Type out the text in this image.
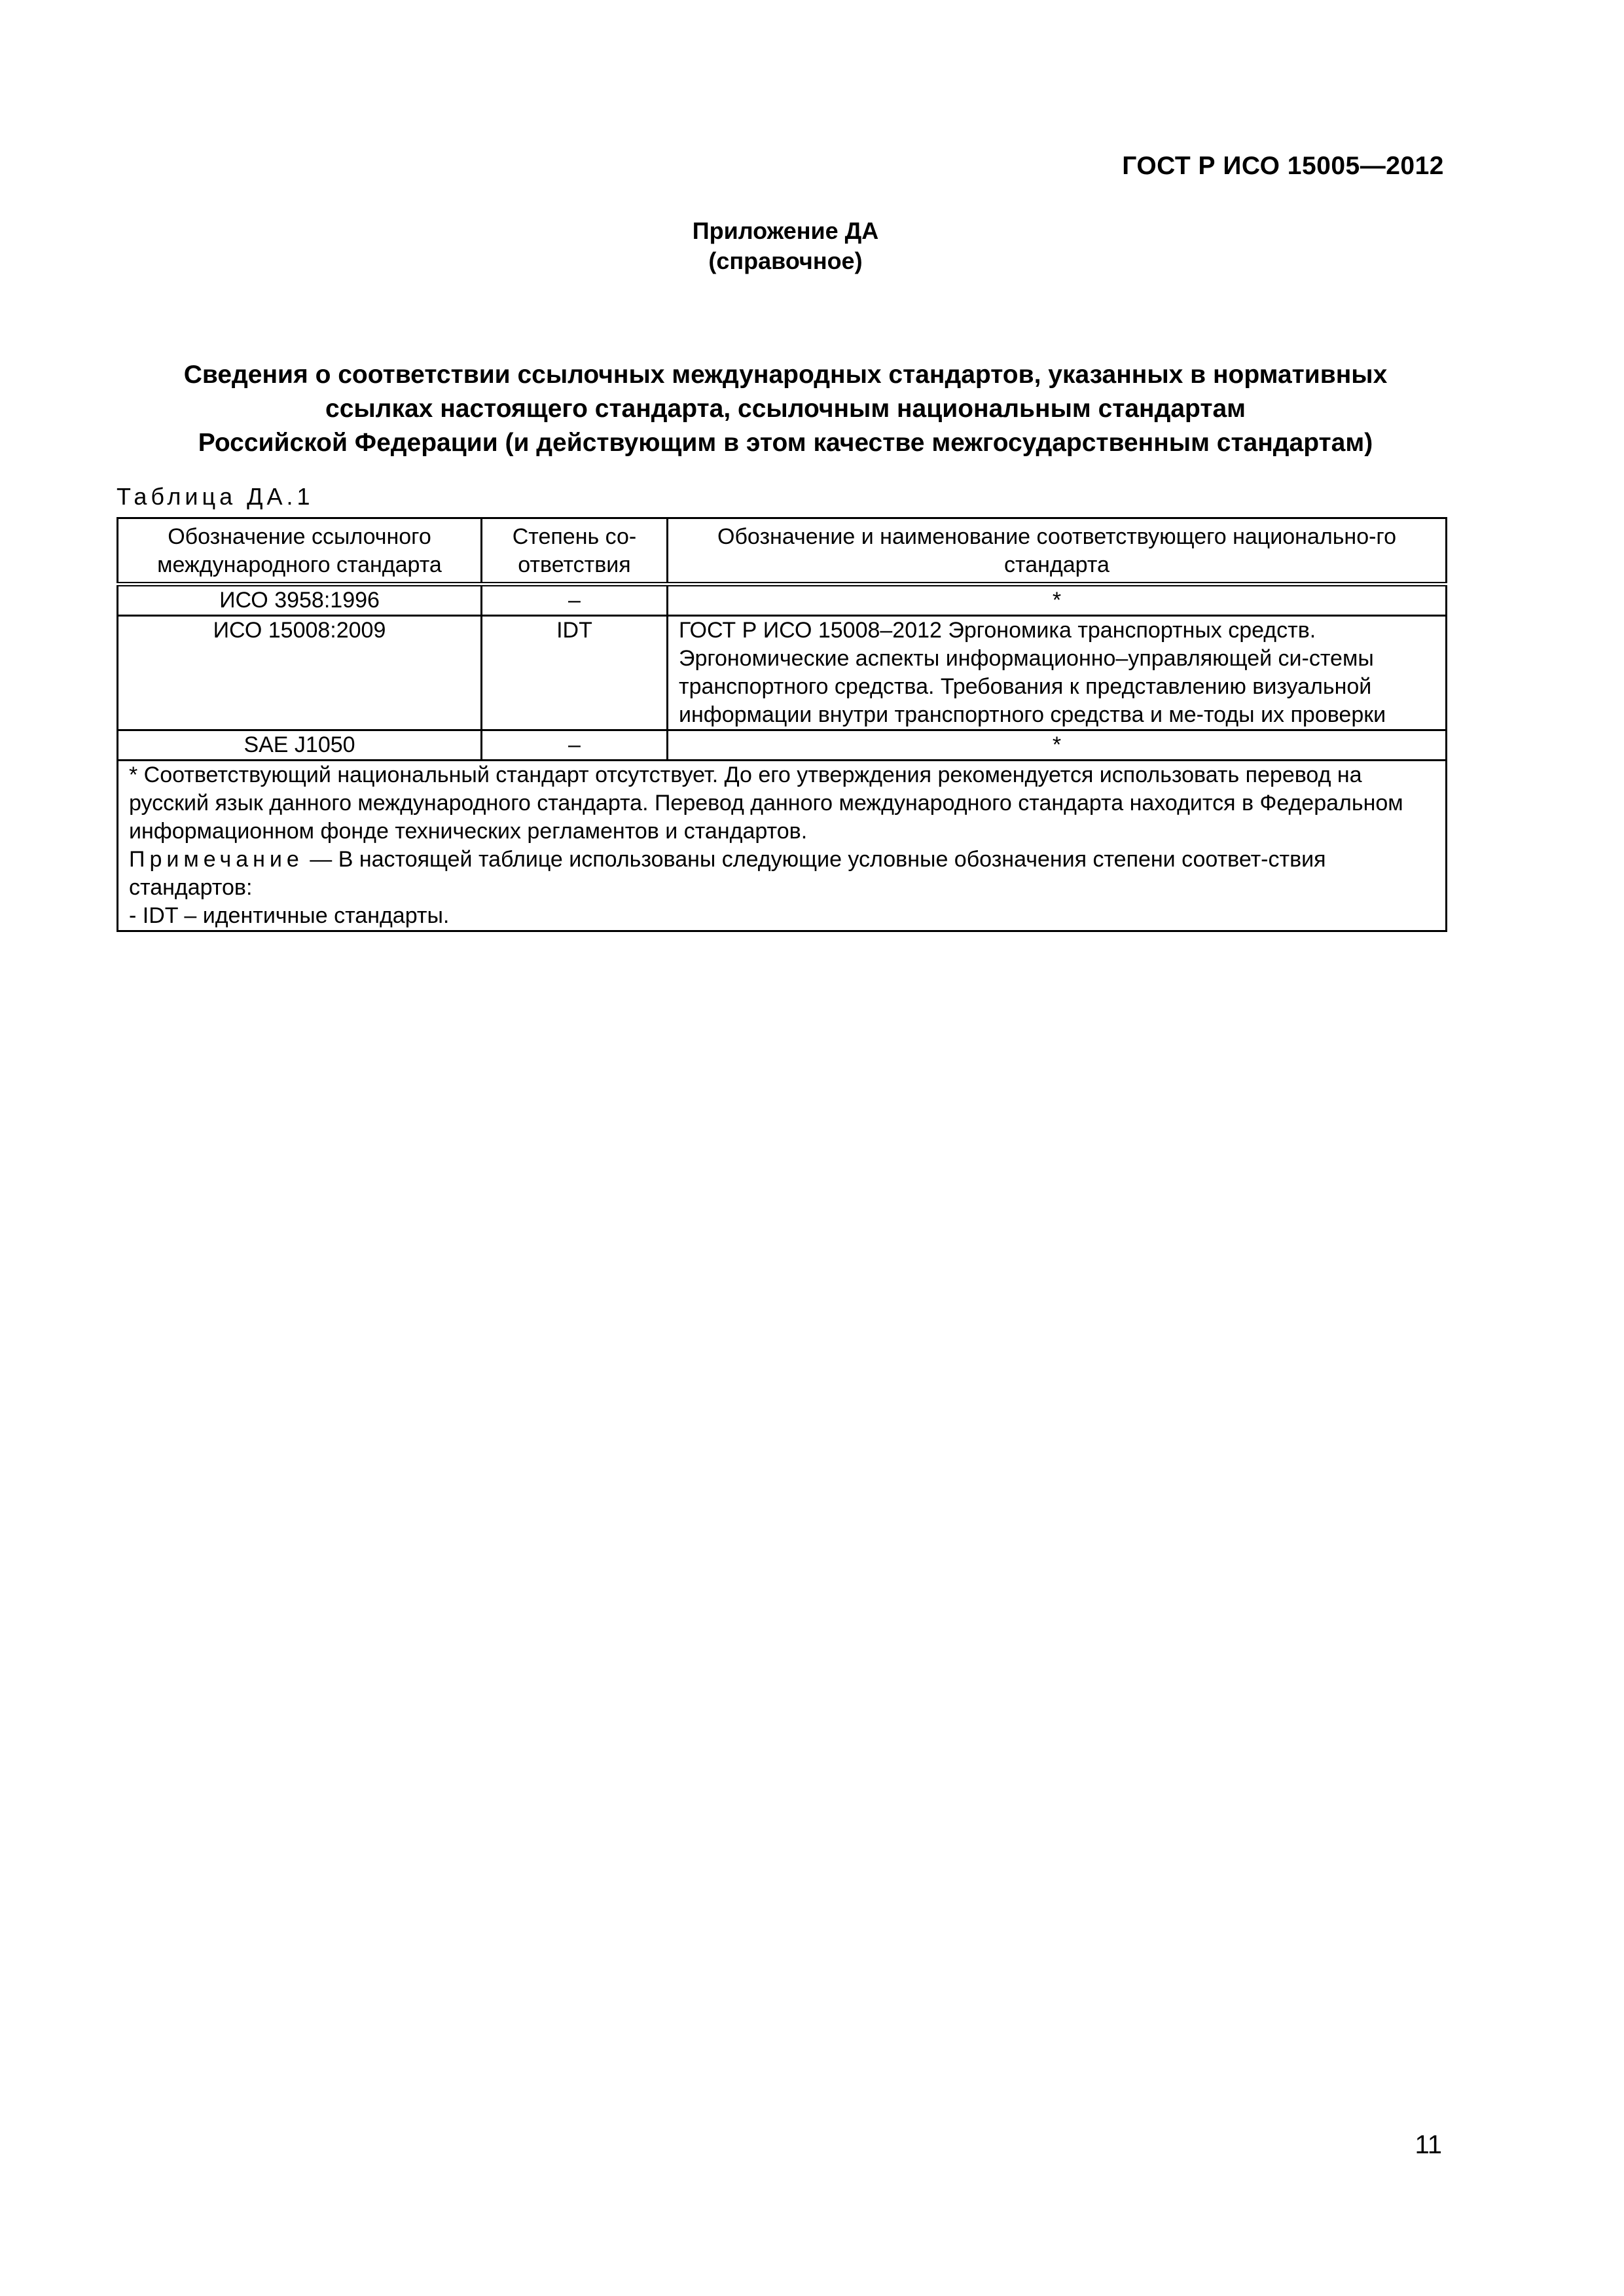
ГОСТ Р ИСО 15005—2012
Приложение ДА
(справочное)
Сведения о соответствии ссылочных международных стандартов, указанных в нормативных
ссылках настоящего стандарта, ссылочным национальным стандартам
Российской Федерации (и действующим в этом качестве межгосударственным стандартам)
Таблица ДА.1
Обозначение ссылочного международного стандарта	Степень со-ответствия	Обозначение и наименование соответствующего национально-го стандарта
ИСО 3958:1996	–	*
ИСО 15008:2009	IDT	ГОСТ Р ИСО 15008–2012 Эргономика транспортных средств. Эргономические аспекты информационно–управляющей си-стемы транспортного средства. Требования к представлению визуальной информации внутри транспортного средства и ме-тоды их проверки
SAE J1050	–	*

* Соответствующий национальный стандарт отсутствует. До его утверждения рекомендуется использовать перевод на русский язык данного международного стандарта. Перевод данного международного стандарта находится в Федеральном информационном фонде технических регламентов и стандартов.
Примечание — В настоящей таблице использованы следующие условные обозначения степени соответ-ствия стандартов:
- IDT – идентичные стандарты.		
11
